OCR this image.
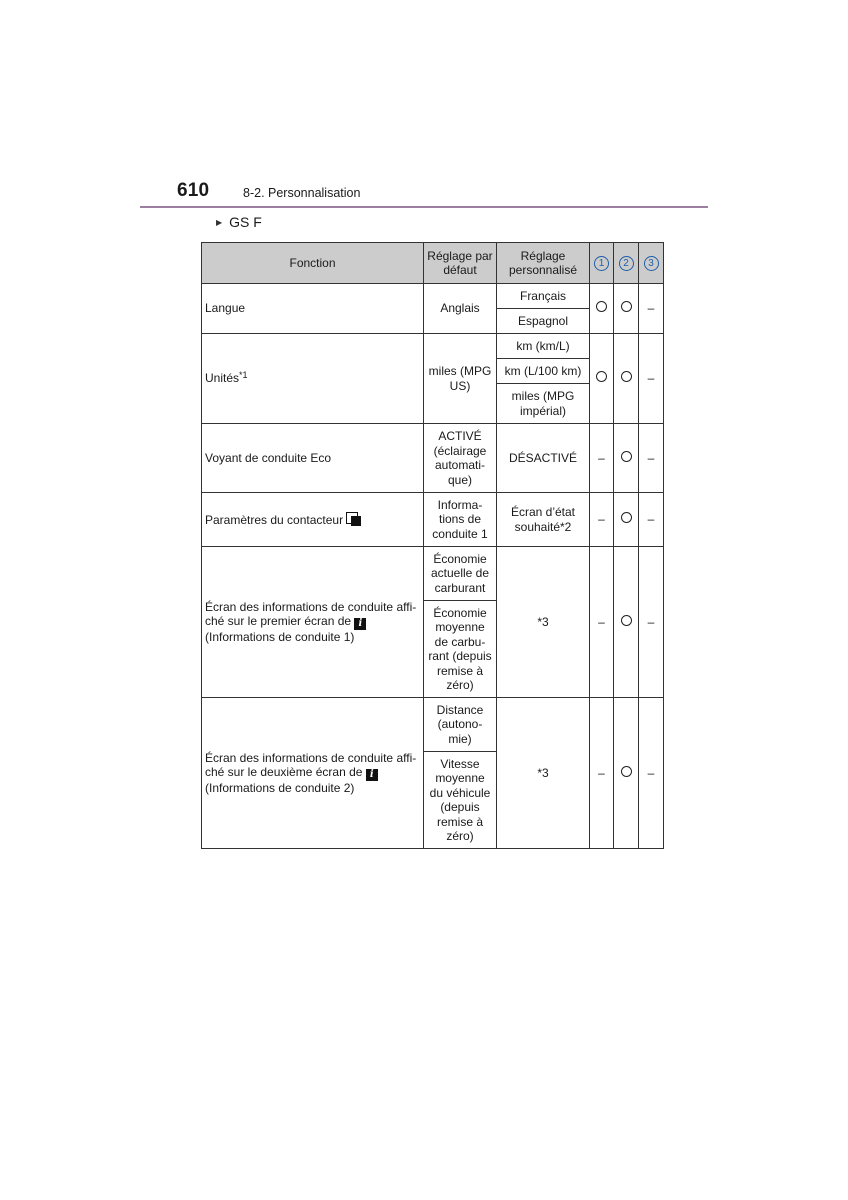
610	8-2. Personnalisation
▶ GS F
Fonction	Réglage par défaut	Réglage personnalisé	1	2	3
Langue	Anglais	Français			–
		Espagnol			
Unités$^{*1}$	miles (MPG US)	km (km/L)			–
		km (L/100 km)			
		miles (MPG impérial)			
Voyant de conduite Eco	ACTIVÉ (éclairage automati-que)	DÉSACTIVÉ	–		–
Paramètres du contacteur	Informa-tions de conduite 1	Écran d’état souhaité*2	–		–

Écran des informations de conduite affi-
ché sur le premier écran de i
(Informations de conduite 1)	Économie actuelle de carburant	*3	–		–
	Économie moyenne de carbu-rant (depuis remise à zéro)				

Écran des informations de conduite affi-
ché sur le deuxième écran de i
(Informations de conduite 2)	Distance (autono-mie)	*3	–		–
	Vitesse moyenne du véhicule (depuis remise à zéro)				
